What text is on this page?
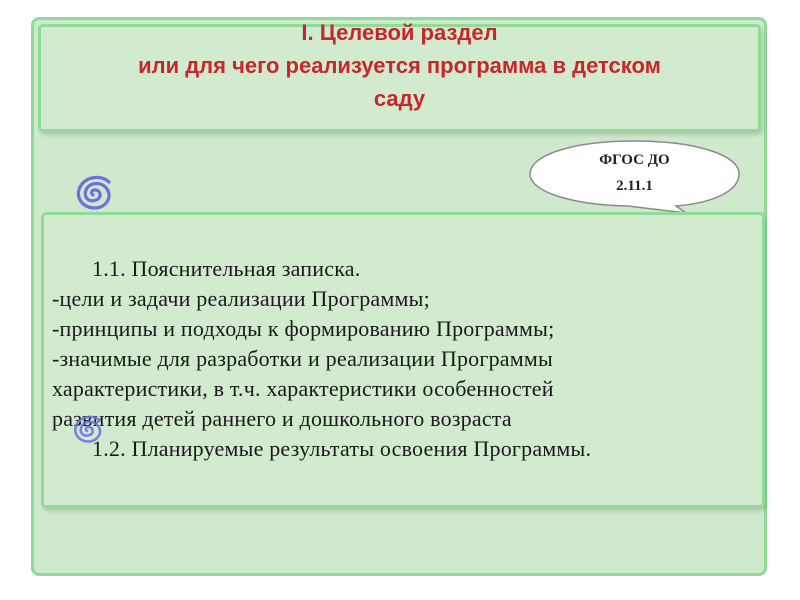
I. Целевой раздел
или для чего реализуется программа в детском
саду
ФГОС ДО
2.11.1
1.1. Пояснительная записка.
-цели и задачи реализации Программы;
-принципы и подходы к формированию Программы;
-значимые для разработки и реализации Программы
характеристики, в т.ч. характеристики особенностей
развития детей раннего и дошкольного возраста
1.2. Планируемые результаты освоения Программы.
